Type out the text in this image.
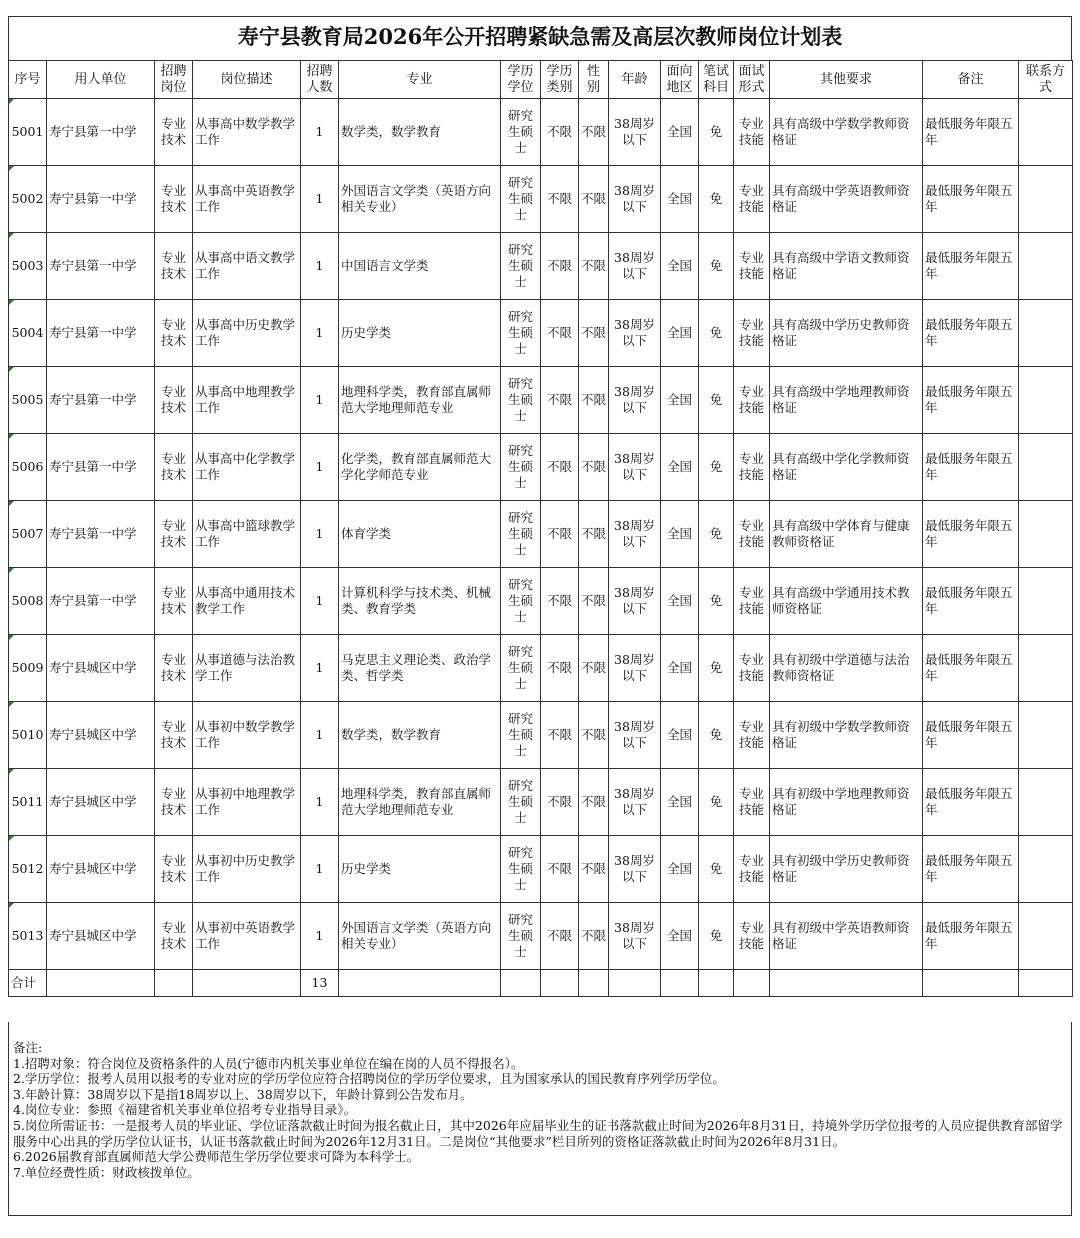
寿宁县教育局2026年公开招聘紧缺急需及高层次教师岗位计划表
序号	用人单位	招聘岗位	岗位描述	招聘人数	专业	学历学位	学历类别	性别	年龄	面向地区	笔试科目	面试形式	其他要求	备注	联系方式
5001	寿宁县第一中学	专业技术	从事高中数学教学工作	1	数学类，数学教育	研究生硕士	不限	不限	38周岁以下	全国	免	专业技能	具有高级中学数学教师资格证	最低服务年限五年	
5002	寿宁县第一中学	专业技术	从事高中英语教学工作	1	外国语言文学类（英语方向相关专业）	研究生硕士	不限	不限	38周岁以下	全国	免	专业技能	具有高级中学英语教师资格证	最低服务年限五年	
5003	寿宁县第一中学	专业技术	从事高中语文教学工作	1	中国语言文学类	研究生硕士	不限	不限	38周岁以下	全国	免	专业技能	具有高级中学语文教师资格证	最低服务年限五年	
5004	寿宁县第一中学	专业技术	从事高中历史教学工作	1	历史学类	研究生硕士	不限	不限	38周岁以下	全国	免	专业技能	具有高级中学历史教师资格证	最低服务年限五年	
5005	寿宁县第一中学	专业技术	从事高中地理教学工作	1	地理科学类，教育部直属师范大学地理师范专业	研究生硕士	不限	不限	38周岁以下	全国	免	专业技能	具有高级中学地理教师资格证	最低服务年限五年	
5006	寿宁县第一中学	专业技术	从事高中化学教学工作	1	化学类，教育部直属师范大学化学师范专业	研究生硕士	不限	不限	38周岁以下	全国	免	专业技能	具有高级中学化学教师资格证	最低服务年限五年	
5007	寿宁县第一中学	专业技术	从事高中篮球教学工作	1	体育学类	研究生硕士	不限	不限	38周岁以下	全国	免	专业技能	具有高级中学体育与健康教师资格证	最低服务年限五年	
5008	寿宁县第一中学	专业技术	从事高中通用技术教学工作	1	计算机科学与技术类、机械类、教育学类	研究生硕士	不限	不限	38周岁以下	全国	免	专业技能	具有高级中学通用技术教师资格证	最低服务年限五年	
5009	寿宁县城区中学	专业技术	从事道德与法治教学工作	1	马克思主义理论类、政治学类、哲学类	研究生硕士	不限	不限	38周岁以下	全国	免	专业技能	具有初级中学道德与法治教师资格证	最低服务年限五年	
5010	寿宁县城区中学	专业技术	从事初中数学教学工作	1	数学类，数学教育	研究生硕士	不限	不限	38周岁以下	全国	免	专业技能	具有初级中学数学教师资格证	最低服务年限五年	
5011	寿宁县城区中学	专业技术	从事初中地理教学工作	1	地理科学类，教育部直属师范大学地理师范专业	研究生硕士	不限	不限	38周岁以下	全国	免	专业技能	具有初级中学地理教师资格证	最低服务年限五年	
5012	寿宁县城区中学	专业技术	从事初中历史教学工作	1	历史学类	研究生硕士	不限	不限	38周岁以下	全国	免	专业技能	具有初级中学历史教师资格证	最低服务年限五年	
5013	寿宁县城区中学	专业技术	从事初中英语教学工作	1	外国语言文学类（英语方向相关专业）	研究生硕士	不限	不限	38周岁以下	全国	免	专业技能	具有初级中学英语教师资格证	最低服务年限五年	
合计				13											
备注:
1.招聘对象：符合岗位及资格条件的人员(宁德市内机关事业单位在编在岗的人员不得报名）。
2.学历学位：报考人员用以报考的专业对应的学历学位应符合招聘岗位的学历学位要求，且为国家承认的国民教育序列学历学位。
3.年龄计算：38周岁以下是指18周岁以上、38周岁以下，年龄计算到公告发布月。
4.岗位专业：参照《福建省机关事业单位招考专业指导目录》。
5.岗位所需证书：一是报考人员的毕业证、学位证落款截止时间为报名截止日，其中2026年应届毕业生的证书落款截止时间为2026年8月31日，持境外学历学位报考的人员应提供教育部留学服务中心出具的学历学位认证书，认证书落款截止时间为2026年12月31日。二是岗位“其他要求”栏目所列的资格证落款截止时间为2026年8月31日。
6.2026届教育部直属师范大学公费师范生学历学位要求可降为本科学士。
7.单位经费性质：财政核拨单位。
